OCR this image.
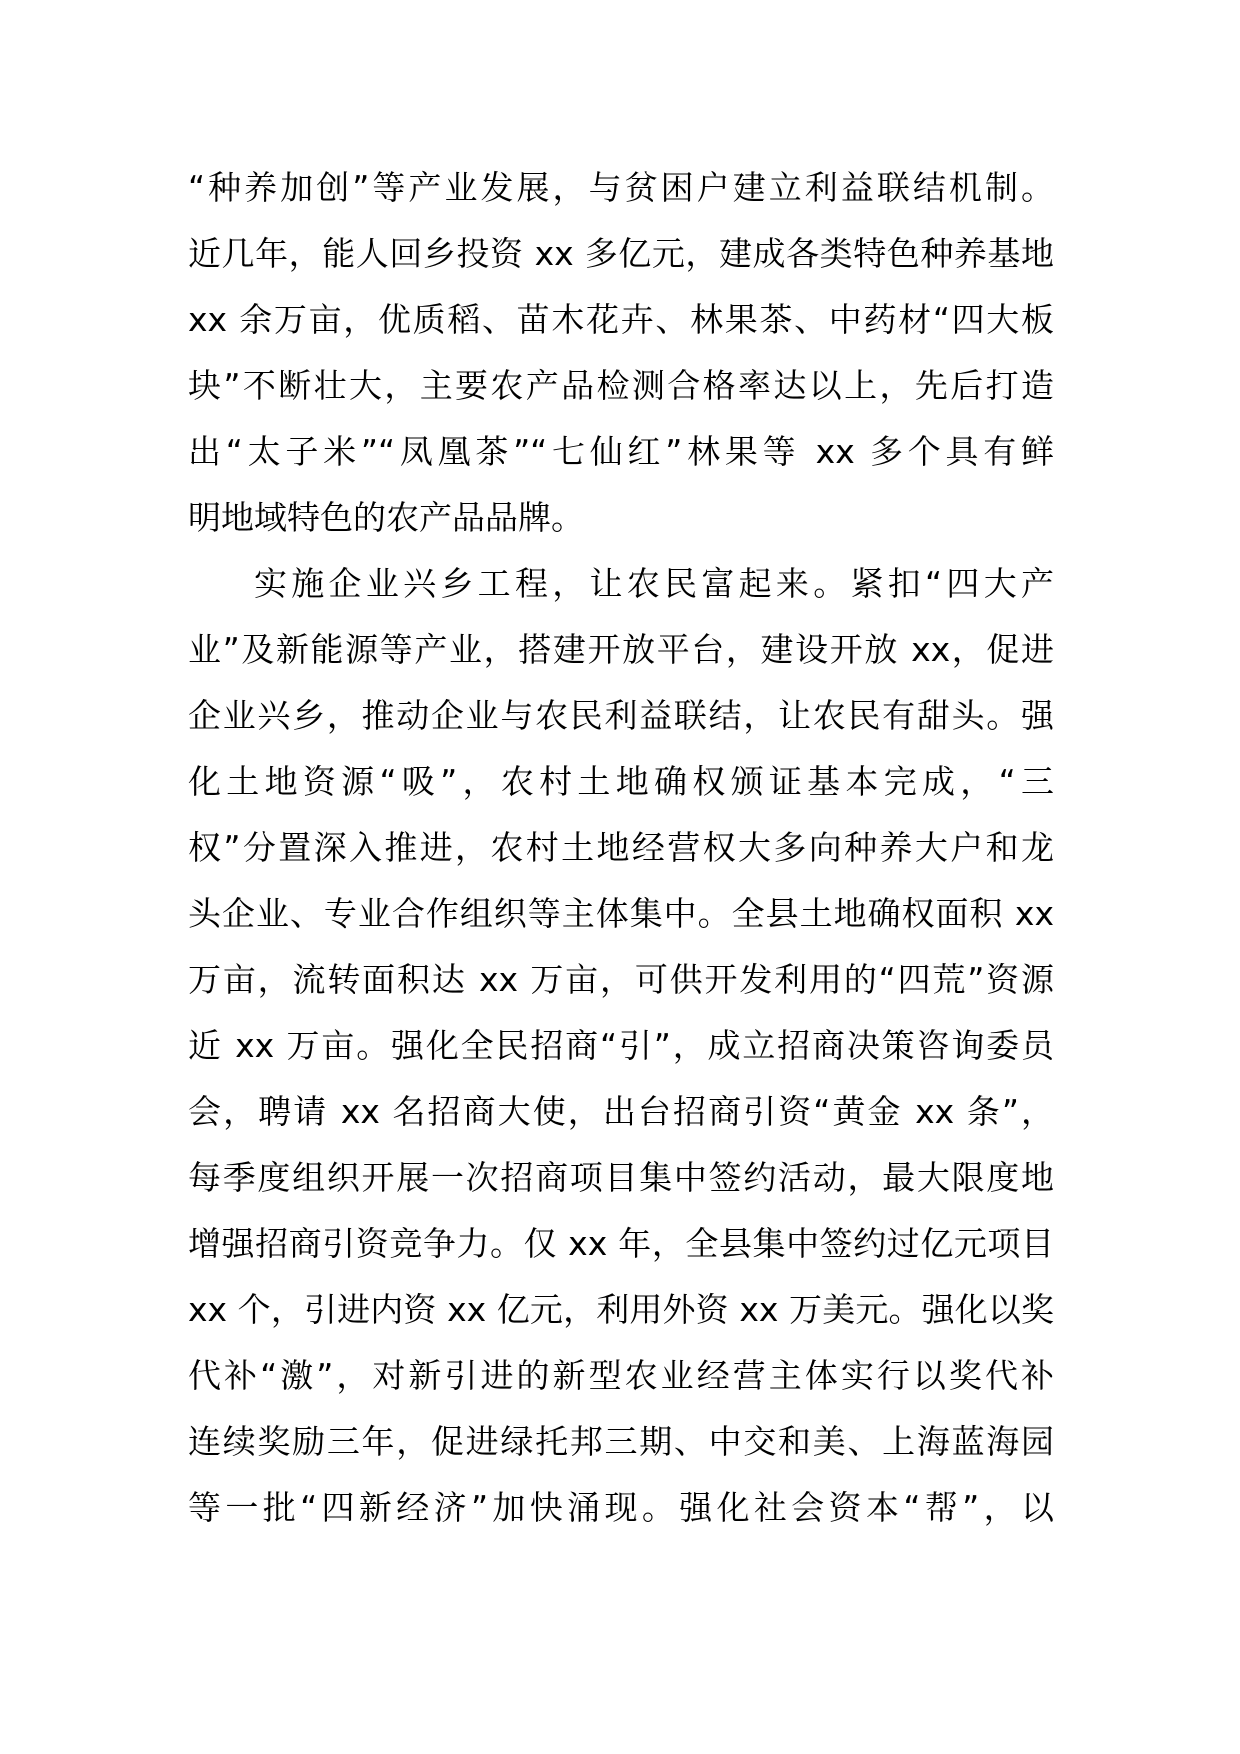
“种养加创”等产业发展，与贫困户建立利益联结机制。
近几年，能人回乡投资 xx 多亿元，建成各类特色种养基地
xx 余万亩，优质稻、苗木花卉、林果茶、中药材“四大板
块”不断壮大，主要农产品检测合格率达以上，先后打造
出“太子米”“凤凰茶”“七仙红”林果等 xx 多个具有鲜
明地域特色的农产品品牌。
实施企业兴乡工程，让农民富起来。紧扣“四大产
业”及新能源等产业，搭建开放平台，建设开放 xx，促进
企业兴乡，推动企业与农民利益联结，让农民有甜头。强
化土地资源“吸”，农村土地确权颁证基本完成，“三
权”分置深入推进，农村土地经营权大多向种养大户和龙
头企业、专业合作组织等主体集中。全县土地确权面积 xx
万亩，流转面积达 xx 万亩，可供开发利用的“四荒”资源
近 xx 万亩。强化全民招商“引”，成立招商决策咨询委员
会，聘请 xx 名招商大使，出台招商引资“黄金 xx 条”，
每季度组织开展一次招商项目集中签约活动，最大限度地
增强招商引资竞争力。仅 xx 年，全县集中签约过亿元项目
xx 个，引进内资 xx 亿元，利用外资 xx 万美元。强化以奖
代补“激”，对新引进的新型农业经营主体实行以奖代补
连续奖励三年，促进绿托邦三期、中交和美、上海蓝海园
等一批“四新经济”加快涌现。强化社会资本“帮”，以
